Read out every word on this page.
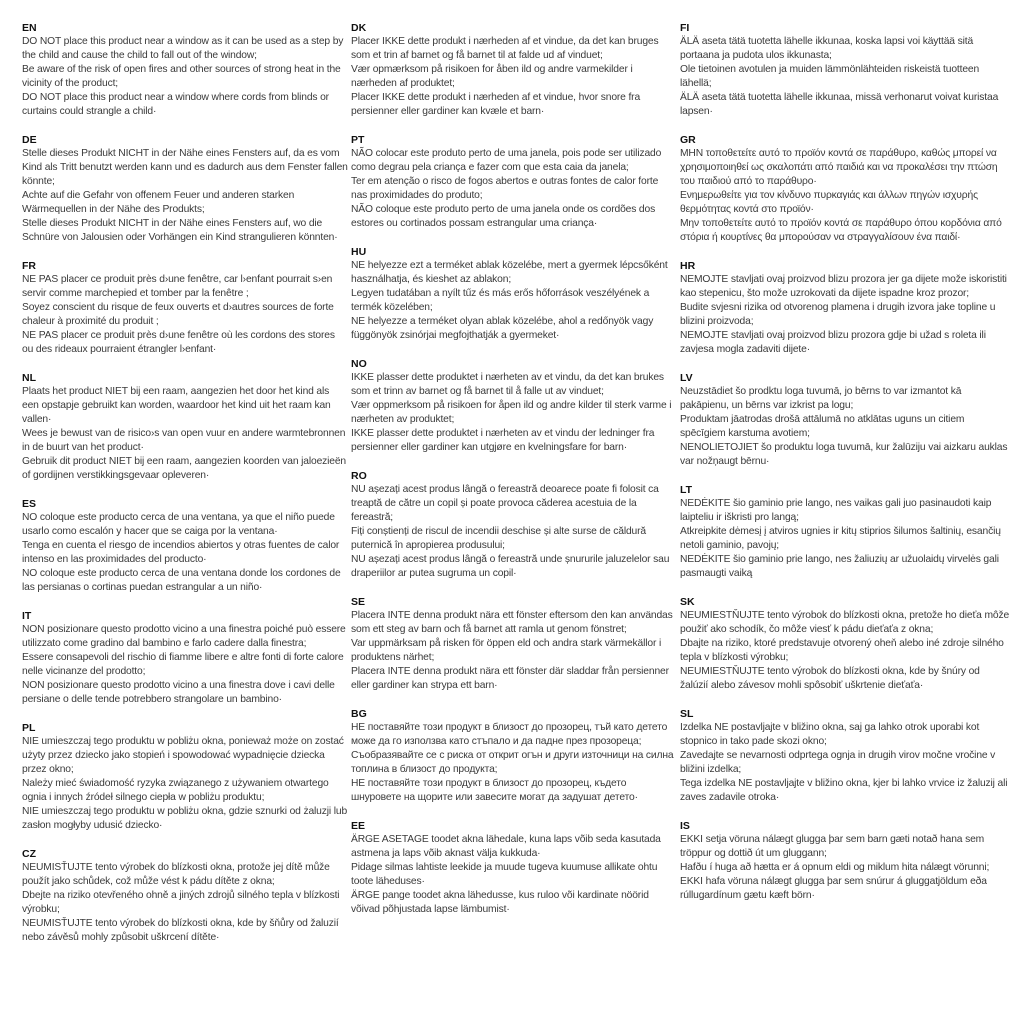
EN
DO NOT place this product near a window as it can be used as a step by the child and cause the child to fall out of the window;
Be aware of the risk of open fires and other sources of strong heat in the vicinity of the product;
DO NOT place this product near a window where cords from blinds or curtains could strangle a child·
DE
Stelle dieses Produkt NICHT in der Nähe eines Fensters auf, da es vom Kind als Tritt benutzt werden kann und es dadurch aus dem Fenster fallen könnte;
Achte auf die Gefahr von offenem Feuer und anderen starken Wärmequellen in der Nähe des Produkts;
Stelle dieses Produkt NICHT in der Nähe eines Fensters auf, wo die Schnüre von Jalousien oder Vorhängen ein Kind strangulieren könnten·
FR
NE PAS placer ce produit près d›une fenêtre, car l›enfant pourrait s›en servir comme marchepied et tomber par la fenêtre ;
Soyez conscient du risque de feux ouverts et d›autres sources de forte chaleur à proximité du produit ;
NE PAS placer ce produit près d›une fenêtre où les cordons des stores ou des rideaux pourraient étrangler l›enfant·
NL
Plaats het product NIET bij een raam, aangezien het door het kind als een opstapje gebruikt kan worden, waardoor het kind uit het raam kan vallen·
Wees je bewust van de risico›s van open vuur en andere warmtebronnen in de buurt van het product·
Gebruik dit product NIET bij een raam, aangezien koorden van jaloezieën of gordijnen verstikkingsgevaar opleveren·
ES
NO coloque este producto cerca de una ventana, ya que el niño puede usarlo como escalón y hacer que se caiga por la ventana·
Tenga en cuenta el riesgo de incendios abiertos y otras fuentes de calor intenso en las proximidades del producto·
NO coloque este producto cerca de una ventana donde los cordones de las persianas o cortinas puedan estrangular a un niño·
IT
NON posizionare questo prodotto vicino a una finestra poiché può essere utilizzato come gradino dal bambino e farlo cadere dalla finestra;
Essere consapevoli del rischio di fiamme libere e altre fonti di forte calore nelle vicinanze del prodotto;
NON posizionare questo prodotto vicino a una finestra dove i cavi delle persiane o delle tende potrebbero strangolare un bambino·
PL
NIE umieszczaj tego produktu w pobliżu okna, ponieważ może on zostać użyty przez dziecko jako stopień i spowodować wypadnięcie dziecka przez okno;
Należy mieć świadomość ryzyka związanego z używaniem otwartego ognia i innych źródeł silnego ciepła w pobliżu produktu;
NIE umieszczaj tego produktu w pobliżu okna, gdzie sznurki od żaluzji lub zasłon mogłyby udusić dziecko·
CZ
NEUMISŤUJTE tento výrobek do blízkosti okna, protože jej dítě může použít jako schůdek, což může vést k pádu dítěte z okna;
Dbejte na riziko otevřeného ohně a jiných zdrojů silného tepla v blízkosti výrobku;
NEUMISŤUJTE tento výrobek do blízkosti okna, kde by šňůry od žaluzií nebo závěsů mohly způsobit uškrcení dítěte·
DK
Placer IKKE dette produkt i nærheden af et vindue, da det kan bruges som et trin af barnet og få barnet til at falde ud af vinduet;
Vær opmærksom på risikoen for åben ild og andre varmekilder i nærheden af produktet;
Placer IKKE dette produkt i nærheden af et vindue, hvor snore fra persienner eller gardiner kan kvæle et barn·
PT
NÃO colocar este produto perto de uma janela, pois pode ser utilizado como degrau pela criança e fazer com que esta caia da janela;
Ter em atenção o risco de fogos abertos e outras fontes de calor forte nas proximidades do produto;
NÃO coloque este produto perto de uma janela onde os cordões dos estores ou cortinados possam estrangular uma criança·
HU
NE helyezze ezt a terméket ablak közelébe, mert a gyermek lépcsőként használhatja, és kieshet az ablakon;
Legyen tudatában a nyílt tűz és más erős hőforrások veszélyének a termék közelében;
NE helyezze a terméket olyan ablak közelébe, ahol a redőnyök vagy függönyök zsinórjai megfojthatják a gyermeket·
NO
IKKE plasser dette produktet i nærheten av et vindu, da det kan brukes som et trinn av barnet og få barnet til å falle ut av vinduet;
Vær oppmerksom på risikoen for åpen ild og andre kilder til sterk varme i nærheten av produktet;
IKKE plasser dette produktet i nærheten av et vindu der ledninger fra persienner eller gardiner kan utgjøre en kvelningsfare for barn·
RO
NU așezați acest produs lângă o fereastră deoarece poate fi folosit ca treaptă de către un copil și poate provoca căderea acestuia de la fereastră;
Fiți conștienți de riscul de incendii deschise și alte surse de căldură puternică în apropierea produsului;
NU așezați acest produs lângă o fereastră unde șnururile jaluzelelor sau draperiilor ar putea sugruma un copil·
SE
Placera INTE denna produkt nära ett fönster eftersom den kan användas som ett steg av barn och få barnet att ramla ut genom fönstret;
Var uppmärksam på risken för öppen eld och andra stark värmekällor i produktens närhet;
Placera INTE denna produkt nära ett fönster där sladdar från persienner eller gardiner kan strypa ett barn·
BG
НЕ поставяйте този продукт в близост до прозорец, тъй като детето може да го използва като стъпало и да падне през прозореца;
Съобразявайте се с риска от открит огън и други източници на силна топлина в близост до продукта;
НЕ поставяйте този продукт в близост до прозорец, където шнуровете на щорите или завесите могат да задушат детето·
EE
ÄRGE ASETAGE toodet akna lähedale, kuna laps võib seda kasutada astmena ja laps võib aknast välja kukkuda·
Pidage silmas lahtiste leekide ja muude tugeva kuumuse allikate ohtu toote läheduses·
ÄRGE pange toodet akna lähedusse, kus ruloo või kardinate nöörid võivad põhjustada lapse lämbumist·
FI
ÄLÄ aseta tätä tuotetta lähelle ikkunaa, koska lapsi voi käyttää sitä portaana ja pudota ulos ikkunasta;
Ole tietoinen avotulen ja muiden lämmönlähteiden riskeistä tuotteen lähellä;
ÄLÄ aseta tätä tuotetta lähelle ikkunaa, missä verhonarut voivat kuristaa lapsen·
GR
ΜΗΝ τοποθετείτε αυτό το προϊόν κοντά σε παράθυρο, καθώς μπορεί να χρησιμοποιηθεί ως σκαλοπάτι από παιδιά και να προκαλέσει την πτώση του παιδιού από το παράθυρο·
Ενημερωθείτε για τον κίνδυνο πυρκαγιάς και άλλων πηγών ισχυρής θερμότητας κοντά στο προϊόν·
Μην τοποθετείτε αυτό το προϊόν κοντά σε παράθυρο όπου κορδόνια από στόρια ή κουρτίνες θα μπορούσαν να στραγγαλίσουν ένα παιδί·
HR
NEMOJTE stavljati ovaj proizvod blizu prozora jer ga dijete može iskoristiti kao stepenicu, što može uzrokovati da dijete ispadne kroz prozor;
Budite svjesni rizika od otvorenog plamena i drugih izvora jake topline u blizini proizvoda;
NEMOJTE stavljati ovaj proizvod blizu prozora gdje bi užad s roleta ili zavjesa mogla zadaviti dijete·
LV
Neuzstādiet šo prodktu loga tuvumā, jo bērns to var izmantot kā pakāpienu, un bērns var izkrist pa logu;
Produktam jāatrodas drošā attālumā no atklātas uguns un citiem spēcīgiem karstuma avotiem;
NENOLIETOJIET šo produktu loga tuvumā, kur žalūziju vai aizkaru auklas var nožņaugt bērnu·
LT
NEDĖKITE šio gaminio prie lango, nes vaikas gali juo pasinaudoti kaip laipteliu ir iškristi pro langą;
Atkreipkite dėmesį į atviros ugnies ir kitų stiprios šilumos šaltinių, esančių netoli gaminio, pavojų;
NEDĖKITE šio gaminio prie lango, nes žaliuzių ar užuolaidų virvelės gali pasmaugti vaiką
SK
NEUMIESTŇUJTE tento výrobok do blízkosti okna, pretože ho dieťa môže použiť ako schodík, čo môže viesť k pádu dieťaťa z okna;
Dbajte na riziko, ktoré predstavuje otvorený oheň alebo iné zdroje silného tepla v blízkosti výrobku;
NEUMIESTŇUJTE tento výrobok do blízkosti okna, kde by šnúry od žalúzií alebo závesov mohli spôsobiť uškrtenie dieťaťa·
SL
Izdelka NE postavljajte v bližino okna, saj ga lahko otrok uporabi kot stopnico in tako pade skozi okno;
Zavedajte se nevarnosti odprtega ognja in drugih virov močne vročine v bližini izdelka;
Tega izdelka NE postavljajte v bližino okna, kjer bi lahko vrvice iz žaluzij ali zaves zadavile otroka·
IS
EKKI setja vöruna nálægt glugga þar sem barn gæti notað hana sem tröppur og dottið út um gluggann;
Hafðu í huga að hætta er á opnum eldi og miklum hita nálægt vörunni;
EKKI hafa vöruna nálægt glugga þar sem snúrur á gluggatjöldum eða rúllugardínum gætu kæft börn·
